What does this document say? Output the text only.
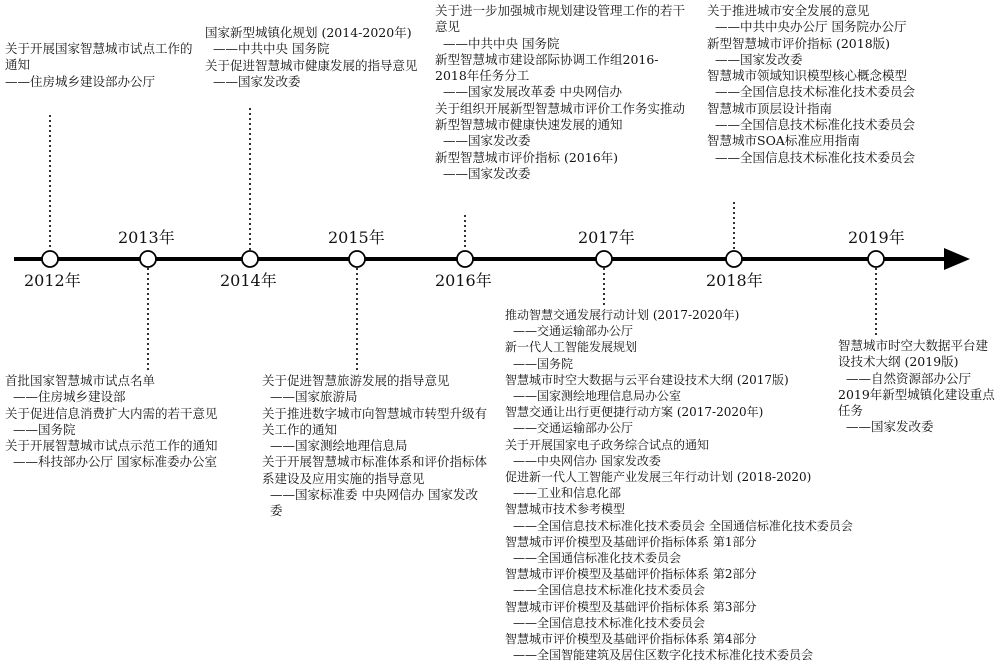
2012年
2013年
2014年
2015年
2016年
2017年
2018年
2019年
关于开展国家智慧城市试点工作的通知
——住房城乡建设部办公厅
首批国家智慧城市试点名单
——住房城乡建设部
关于促进信息消费扩大内需的若干意见
——国务院
关于开展智慧城市试点示范工作的通知
——科技部办公厅 国家标准委办公室
国家新型城镇化规划 (2014-2020年)
——中共中央 国务院
关于促进智慧城市健康发展的指导意见
——国家发改委
关于促进智慧旅游发展的指导意见
——国家旅游局
关于推进数字城市向智慧城市转型升级有关工作的通知
——国家测绘地理信息局
关于开展智慧城市标准体系和评价指标体系建设及应用实施的指导意见
——国家标准委 中央网信办 国家发改委
关于进一步加强城市规划建设管理工作的若干意见
——中共中央 国务院
新型智慧城市建设部际协调工作组2016-2018年任务分工
——国家发展改革委 中央网信办
关于组织开展新型智慧城市评价工作务实推动新型智慧城市健康快速发展的通知
——国家发改委
新型智慧城市评价指标 (2016年)
——国家发改委
推动智慧交通发展行动计划 (2017-2020年)
——交通运输部办公厅
新一代人工智能发展规划
——国务院
智慧城市时空大数据与云平台建设技术大纲 (2017版)
——国家测绘地理信息局办公室
智慧交通让出行更便捷行动方案 (2017-2020年)
——交通运输部办公厅
关于开展国家电子政务综合试点的通知
——中央网信办 国家发改委
促进新一代人工智能产业发展三年行动计划 (2018-2020)
——工业和信息化部
智慧城市技术参考模型
——全国信息技术标准化技术委员会 全国通信标准化技术委员会
智慧城市评价模型及基础评价指标体系 第1部分
——全国通信标准化技术委员会
智慧城市评价模型及基础评价指标体系 第2部分
——全国信息技术标准化技术委员会
智慧城市评价模型及基础评价指标体系 第3部分
——全国信息技术标准化技术委员会
智慧城市评价模型及基础评价指标体系 第4部分
——全国智能建筑及居住区数字化技术标准化技术委员会
关于推进城市安全发展的意见
——中共中央办公厅 国务院办公厅
新型智慧城市评价指标 (2018版)
——国家发改委
智慧城市领域知识模型核心概念模型
——全国信息技术标准化技术委员会
智慧城市顶层设计指南
——全国信息技术标准化技术委员会
智慧城市SOA标准应用指南
——全国信息技术标准化技术委员会
智慧城市时空大数据平台建设技术大纲 (2019版)
——自然资源部办公厅
2019年新型城镇化建设重点任务
——国家发改委
